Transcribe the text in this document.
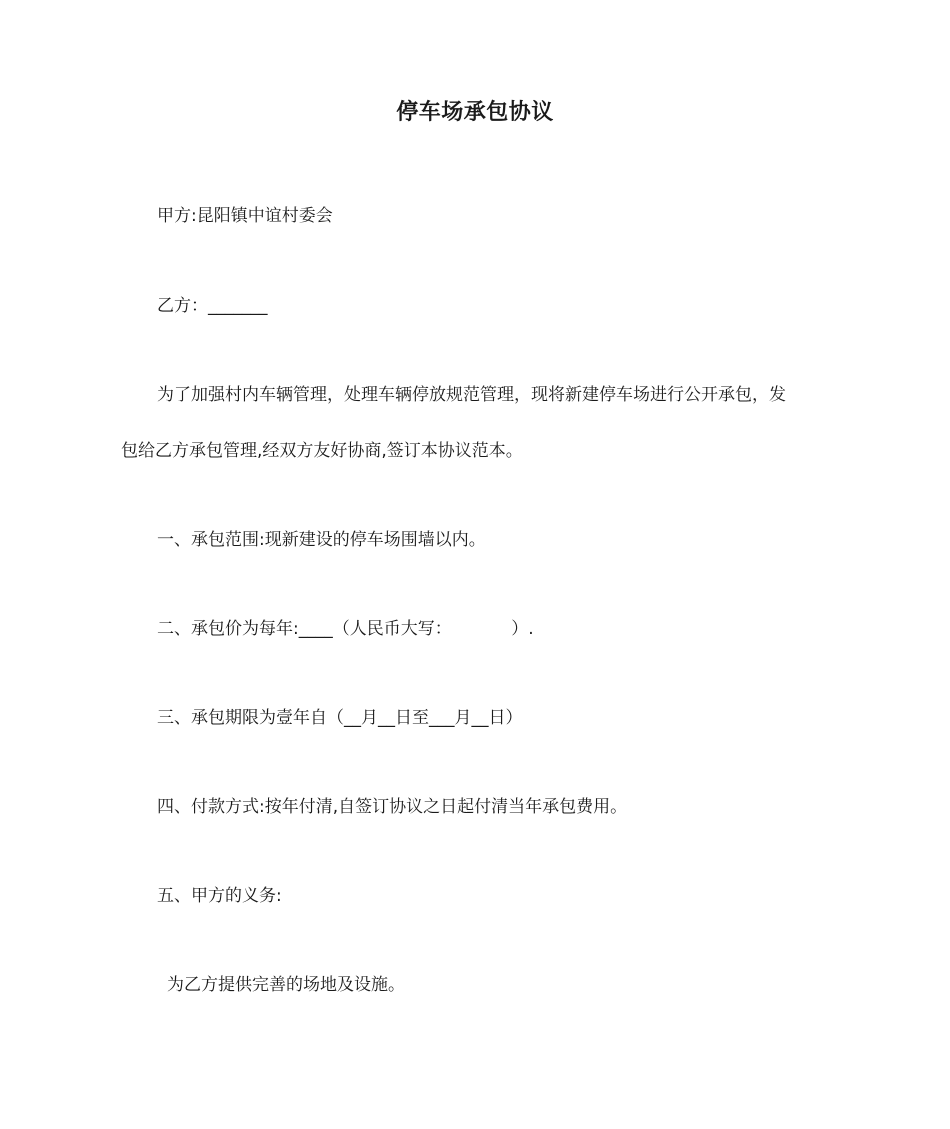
停车场承包协议
甲方:昆阳镇中谊村委会
乙方：_______
为了加强村内车辆管理，处理车辆停放规范管理，现将新建停车场进行公开承包，发
包给乙方承包管理,经双方友好协商,签订本协议范本。
一、承包范围:现新建设的停车场围墙以内。
二、承包价为每年:____（人民币大写：　　　　）.
三、承包期限为壹年自（__月__日至___月__日）
四、付款方式:按年付清,自签订协议之日起付清当年承包费用。
五、甲方的义务:
为乙方提供完善的场地及设施。
